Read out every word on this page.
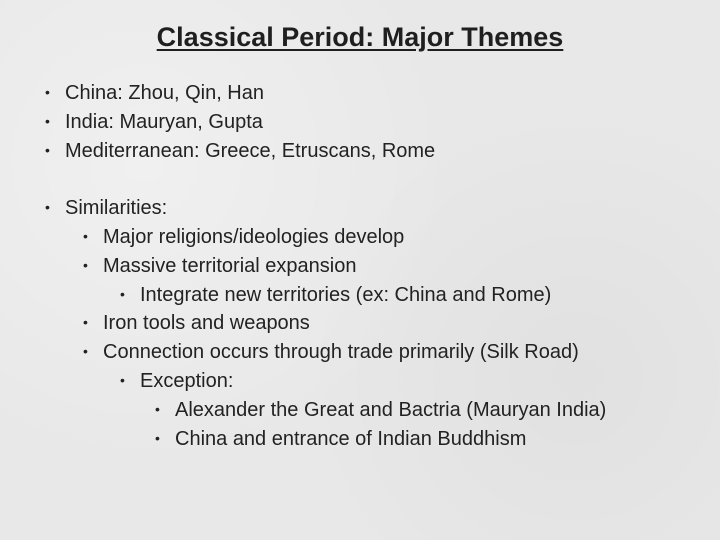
Classical Period: Major Themes
• China: Zhou, Qin, Han
• India: Mauryan, Gupta
• Mediterranean: Greece, Etruscans, Rome
• Similarities:
• Major religions/ideologies develop
• Massive territorial expansion
• Integrate new territories (ex: China and Rome)
• Iron tools and weapons
• Connection occurs through trade primarily (Silk Road)
• Exception:
• Alexander the Great and Bactria (Mauryan India)
• China and entrance of Indian Buddhism
